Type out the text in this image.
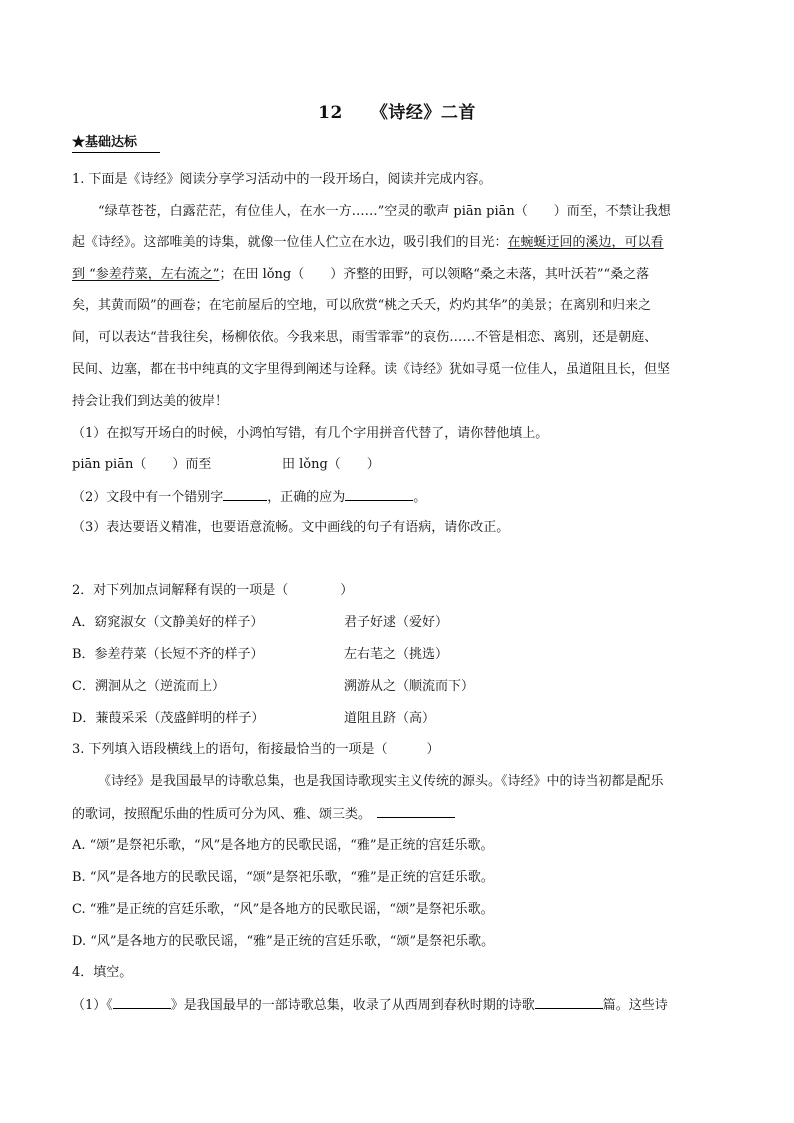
12 《诗经》二首
★基础达标
1. 下面是《诗经》阅读分享学习活动中的一段开场白，阅读并完成内容。
“绿草苍苍，白露茫茫，有位佳人，在水一方……”空灵的歌声 piān piān（　　）而至，不禁让我想
起《诗经》。这部唯美的诗集，就像一位佳人伫立在水边，吸引我们的目光：在蜿蜒迂回的溪边，可以看
到 “参差荇菜，左右流之”；在田 lǒng（　　）齐整的田野，可以领略“桑之未落，其叶沃若”“桑之落
矣，其黄而陨”的画卷；在宅前屋后的空地，可以欣赏“桃之夭夭，灼灼其华”的美景；在离别和归来之
间，可以表达“昔我往矣，杨柳依依。今我来思，雨雪霏霏”的哀伤……不管是相恋、离别，还是朝庭、
民间、边塞，都在书中纯真的文字里得到阐述与诠释。读《诗经》犹如寻觅一位佳人，虽道阻且长，但坚
持会让我们到达美的彼岸！
（1）在拟写开场白的时候，小鸿怕写错，有几个字用拼音代替了，请你替他填上。
piān piān（　　）而至	田 lǒng（　　）
（2）文段中有一个错别字	，正确的应为	。
（3）表达要语义精准，也要语意流畅。文中画线的句子有语病，请你改正。
2．对下列加点词解释有误的一项是（　　　　）
A．窈窕淑女（文静美好的样子）	君子好逑（爱好）
B．参差荇菜（长短不齐的样子）	左右芼之（挑选）
C．溯洄从之（逆流而上）	溯游从之（顺流而下）
D．蒹葭采采（茂盛鲜明的样子）	道阻且跻（高）
3. 下列填入语段横线上的语句，衔接最恰当的一项是（　　　）
《诗经》是我国最早的诗歌总集，也是我国诗歌现实主义传统的源头。《诗经》中的诗当初都是配乐
的歌词，按照配乐曲的性质可分为风、雅、颂三类。
A. “颂”是祭祀乐歌，“风”是各地方的民歌民谣，“雅”是正统的宫廷乐歌。
B. “风”是各地方的民歌民谣，“颂”是祭祀乐歌，“雅”是正统的宫廷乐歌。
C. “雅”是正统的宫廷乐歌，“风”是各地方的民歌民谣，“颂”是祭祀乐歌。
D. “风”是各地方的民歌民谣，“雅”是正统的宫廷乐歌，“颂”是祭祀乐歌。
4．填空。
（1）《	》是我国最早的一部诗歌总集，收录了从西周到春秋时期的诗歌	篇。这些诗
